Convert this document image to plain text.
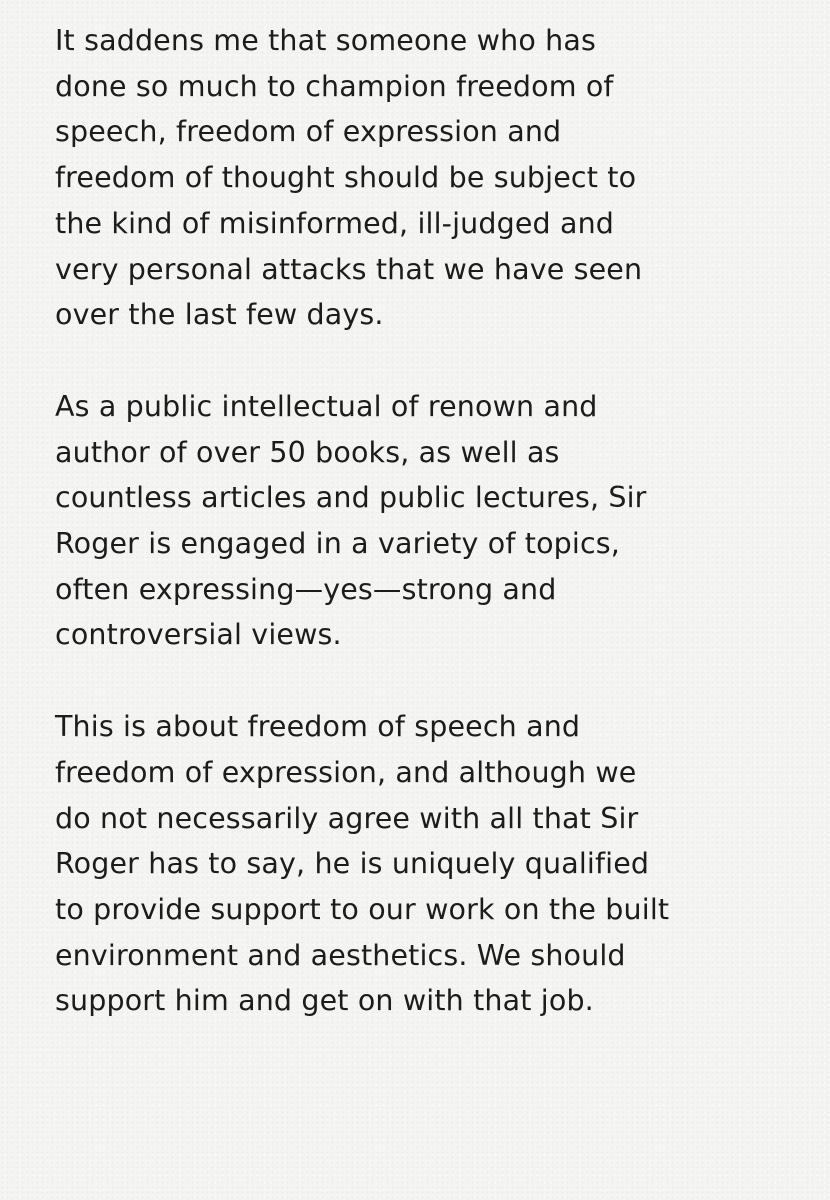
It saddens me that someone who has
done so much to champion freedom of
speech, freedom of expression and
freedom of thought should be subject to
the kind of misinformed, ill-judged and
very personal attacks that we have seen
over the last few days.
As a public intellectual of renown and
author of over 50 books, as well as
countless articles and public lectures, Sir
Roger is engaged in a variety of topics,
often expressing—yes—strong and
controversial views.
This is about freedom of speech and
freedom of expression, and although we
do not necessarily agree with all that Sir
Roger has to say, he is uniquely qualified
to provide support to our work on the built
environment and aesthetics. We should
support him and get on with that job.
